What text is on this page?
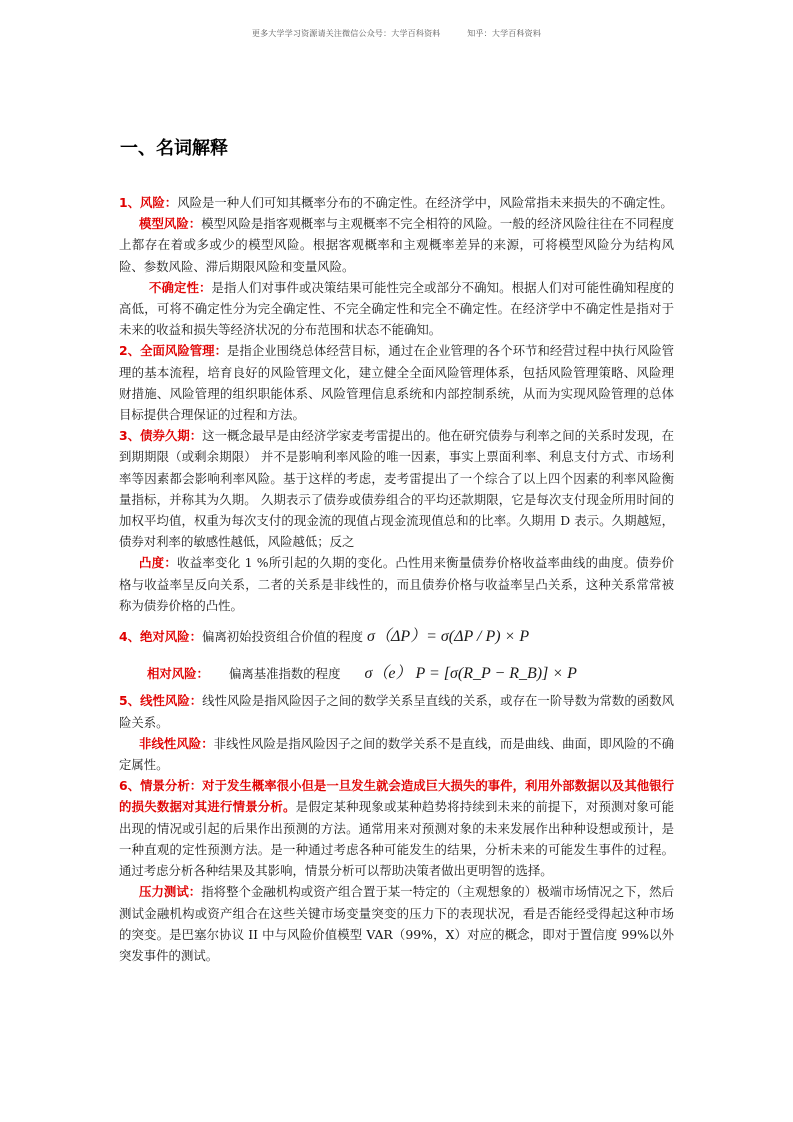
更多大学学习资源请关注微信公众号：大学百科资料	知乎：大学百科资料
一、名词解释

1、风险：风险是一种人们可知其概率分布的不确定性。在经济学中，风险常指未来损失的不确定性。

模型风险：模型风险是指客观概率与主观概率不完全相符的风险。一般的经济风险往往在不同程度上都存在着或多或少的模型风险。根据客观概率和主观概率差异的来源，可将模型风险分为结构风险、参数风险、滞后期限风险和变量风险。

不确定性：是指人们对事件或决策结果可能性完全或部分不确知。根据人们对可能性确知程度的高低，可将不确定性分为完全确定性、不完全确定性和完全不确定性。在经济学中不确定性是指对于未来的收益和损失等经济状况的分布范围和状态不能确知。

2、全面风险管理：是指企业围绕总体经营目标，通过在企业管理的各个环节和经营过程中执行风险管理的基本流程，培育良好的风险管理文化，建立健全全面风险管理体系，包括风险管理策略、风险理财措施、风险管理的组织职能体系、风险管理信息系统和内部控制系统，从而为实现风险管理的总体目标提供合理保证的过程和方法。

3、债券久期：这一概念最早是由经济学家麦考雷提出的。他在研究债券与利率之间的关系时发现，在到期期限（或剩余期限） 并不是影响利率风险的唯一因素，事实上票面利率、利息支付方式、市场利率等因素都会影响利率风险。基于这样的考虑，麦考雷提出了一个综合了以上四个因素的利率风险衡量指标，并称其为久期。 久期表示了债券或债券组合的平均还款期限，它是每次支付现金所用时间的加权平均值，权重为每次支付的现金流的现值占现金流现值总和的比率。久期用 D 表示。久期越短，债券对利率的敏感性越低，风险越低；反之

凸度：收益率变化 1 %所引起的久期的变化。凸性用来衡量债券价格收益率曲线的曲度。债券价格与收益率呈反向关系，二者的关系是非线性的，而且债券价格与收益率呈凸关系，这种关系常常被称为债券价格的凸性。

4、绝对风险： 偏离初始投资组合价值的程度 σ（ΔP）= σ(ΔP / P) × P

相对风险：	偏离基准指数的程度	σ（e） P = [σ(R_P − R_B)] × P

5、线性风险：线性风险是指风险因子之间的数学关系呈直线的关系，或存在一阶导数为常数的函数风险关系。

非线性风险：非线性风险是指风险因子之间的数学关系不是直线，而是曲线、曲面，即风险的不确定属性。

6、情景分析：对于发生概率很小但是一旦发生就会造成巨大损失的事件，利用外部数据以及其他银行的损失数据对其进行情景分析。是假定某种现象或某种趋势将持续到未来的前提下，对预测对象可能出现的情况或引起的后果作出预测的方法。通常用来对预测对象的未来发展作出种种设想或预计，是一种直观的定性预测方法。是一种通过考虑各种可能发生的结果，分析未来的可能发生事件的过程。通过考虑分析各种结果及其影响，情景分析可以帮助决策者做出更明智的选择。

压力测试：指将整个金融机构或资产组合置于某一特定的（主观想象的）极端市场情况之下，然后测试金融机构或资产组合在这些关键市场变量突变的压力下的表现状况，看是否能经受得起这种市场的突变。是巴塞尔协议 II 中与风险价值模型 VAR（99%，X）对应的概念，即对于置信度 99%以外突发事件的测试。
